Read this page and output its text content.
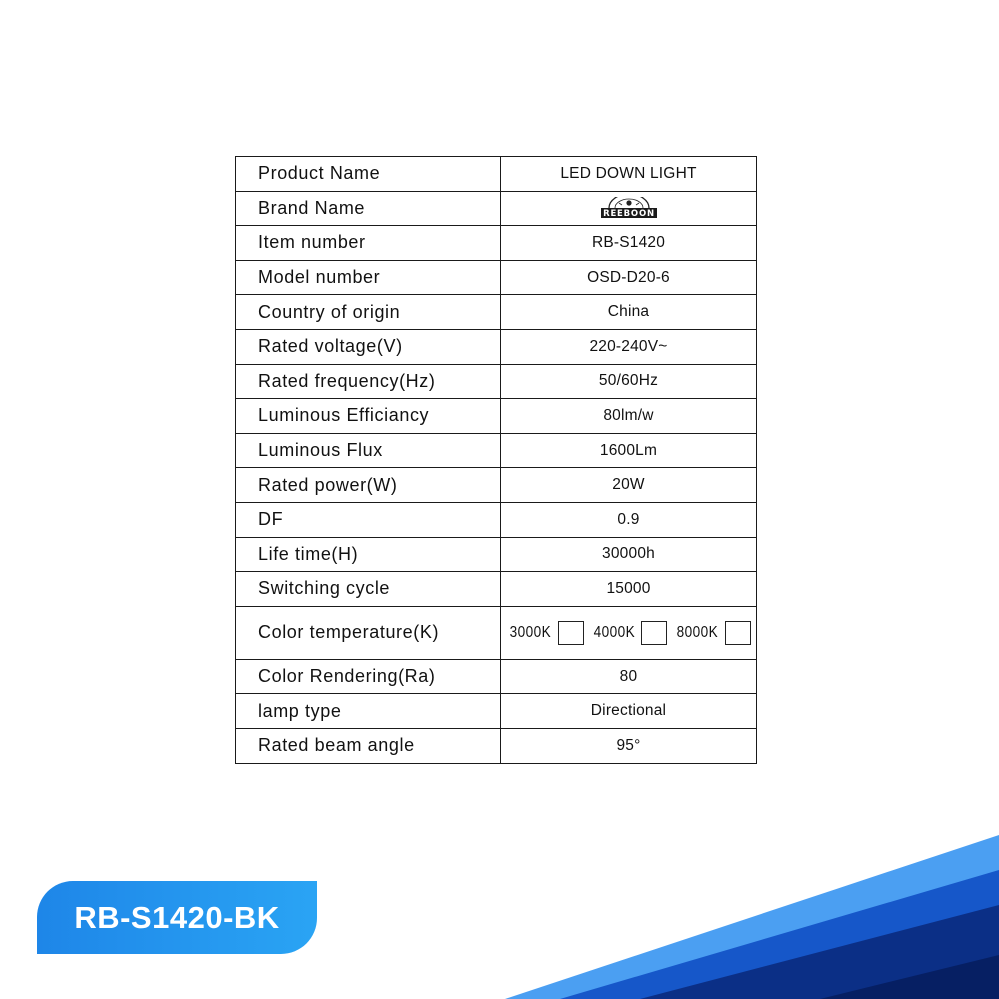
Product Name	LED DOWN LIGHT
Brand Name	REEBOON

Item number	RB-S1420
Model number	OSD-D20-6
Country of origin	China
Rated voltage(V)	220-240V~
Rated frequency(Hz)	50/60Hz
Luminous Efficiancy	80lm/w
Luminous Flux	1600Lm
Rated power(W)	20W
DF	0.9
Life time(H)	30000h
Switching cycle	15000
Color temperature(K)	3000K 4000K 8000K

Color Rendering(Ra)	80
lamp type	Directional
Rated beam angle	95°
RB-S1420-BK
